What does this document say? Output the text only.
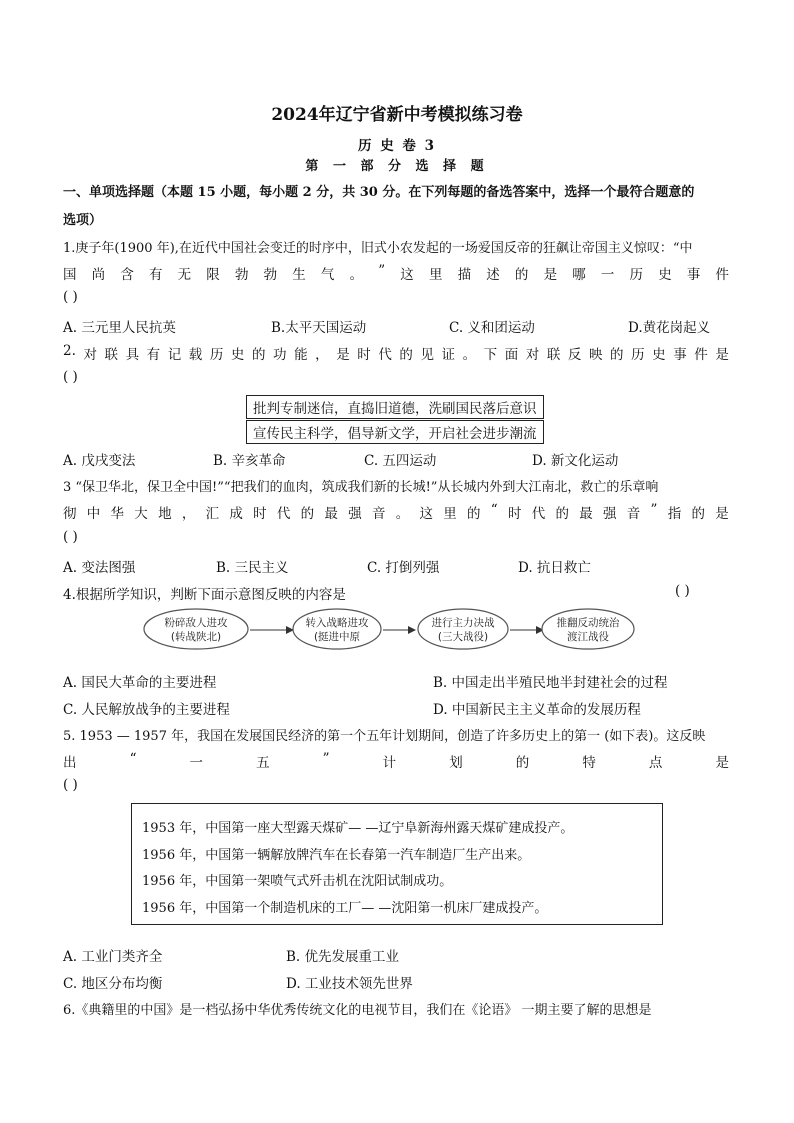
2024年辽宁省新中考模拟练习卷
历 史 卷 3
第 一 部 分 选 择 题
一、单项选择题（本题 15 小题，每小题 2 分，共 30 分。在下列每题的备选答案中，选择一个最符合题意的
选项）
1.庚子年(1900 年),在近代中国社会变迁的时序中，旧式小农发起的一场爱国反帝的狂飙让帝国主义惊叹：“中
国 尚 含 有 无 限 勃 勃 生 气 。 ” 这 里 描 述 的 是 哪 一 历 史 事 件
( )
A. 三元里人民抗英	B.太平天国运动	C. 义和团运动	D.黄花岗起义
2. 对 联 具 有 记 载 历 史 的 功 能 ， 是 时 代 的 见 证 。 下 面 对 联 反 映 的 历 史 事 件 是
( )
批判专制迷信，直捣旧道德，洗刷国民落后意识
宣传民主科学，倡导新文学，开启社会进步潮流
A. 戊戌变法	B. 辛亥革命	C. 五四运动	D. 新文化运动
3 “保卫华北，保卫全中国!”“把我们的血肉，筑成我们新的长城!”从长城内外到大江南北，救亡的乐章响
彻 中 华 大 地 ， 汇 成 时 代 的 最 强 音 。 这 里 的 “ 时 代 的 最 强 音 ” 指 的 是
( )
A. 变法图强	B. 三民主义	C. 打倒列强	D. 抗日救亡
4.根据所学知识，判断下面示意图反映的内容是	( )
粉碎敌人进攻
(转战陕北)
转入战略进攻
(挺进中原
进行主力决战
(三大战役)
推翻反动统治
渡江战役
A. 国民大革命的主要进程	B. 中国走出半殖民地半封建社会的过程
C. 人民解放战争的主要进程	D. 中国新民主主义革命的发展历程
5. 1953 — 1957 年，我国在发展国民经济的第一个五年计划期间，创造了许多历史上的第一 (如下表)。这反映
出	“	一	五	”	计	划	的	特	点	是
( )
1953 年，中国第一座大型露天煤矿— —辽宁阜新海州露天煤矿建成投产。
1956 年，中国第一辆解放牌汽车在长春第一汽车制造厂生产出来。
1956 年，中国第一架喷气式歼击机在沈阳试制成功。
1956 年，中国第一个制造机床的工厂— —沈阳第一机床厂建成投产。
A. 工业门类齐全	B. 优先发展重工业
C. 地区分布均衡	D. 工业技术领先世界
6.《典籍里的中国》是一档弘扬中华优秀传统文化的电视节目，我们在《论语》 一期主要了解的思想是
